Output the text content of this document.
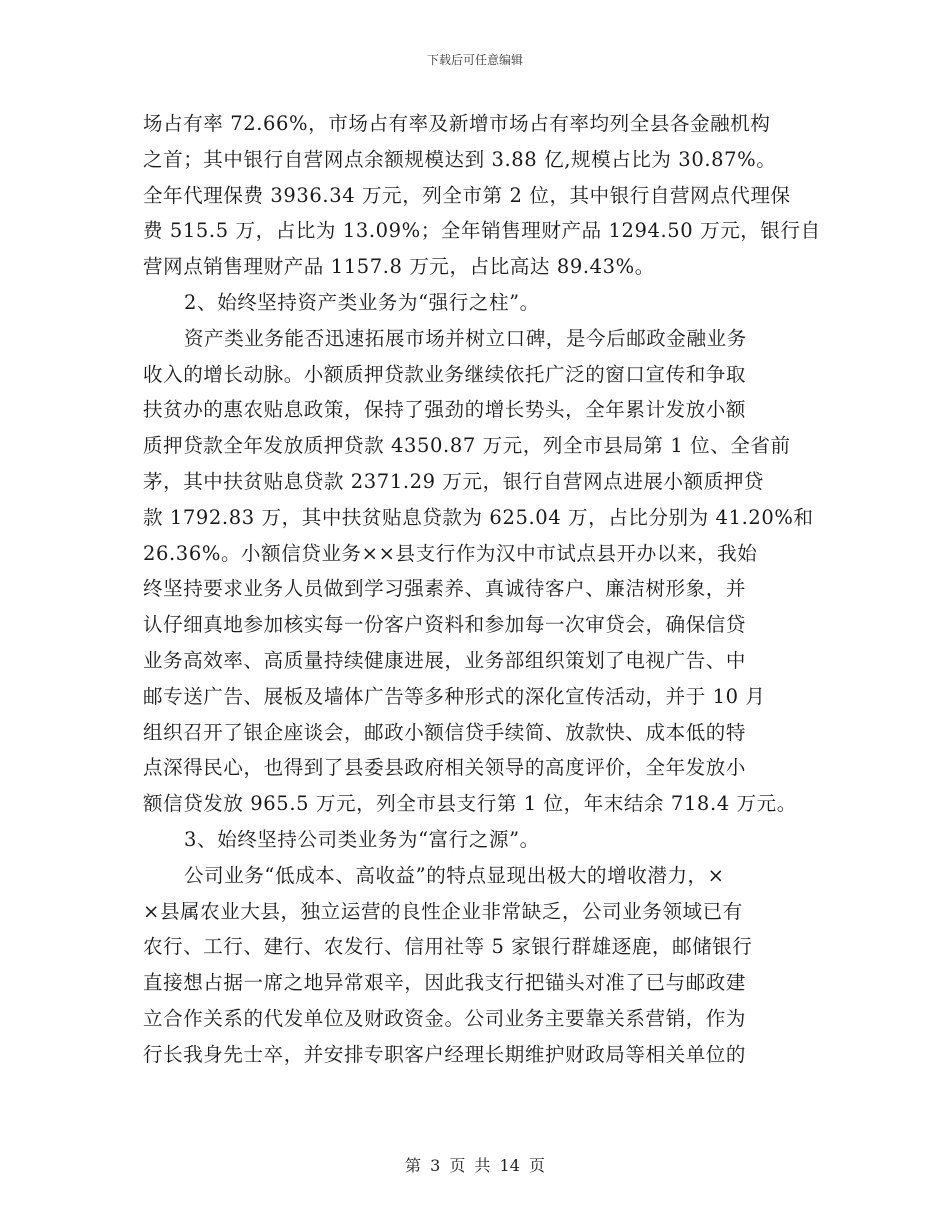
下载后可任意编辑
场占有率 72.66%，市场占有率及新增市场占有率均列全县各金融机构
之首；其中银行自营网点余额规模达到 3.88 亿,规模占比为 30.87%。
全年代理保费 3936.34 万元，列全市第 2 位，其中银行自营网点代理保
费 515.5 万，占比为 13.09%；全年销售理财产品 1294.50 万元，银行自
营网点销售理财产品 1157.8 万元，占比高达 89.43%。
2、始终坚持资产类业务为“强行之柱”。
资产类业务能否迅速拓展市场并树立口碑，是今后邮政金融业务
收入的增长动脉。小额质押贷款业务继续依托广泛的窗口宣传和争取
扶贫办的惠农贴息政策，保持了强劲的增长势头，全年累计发放小额
质押贷款全年发放质押贷款 4350.87 万元，列全市县局第 1 位、全省前
茅，其中扶贫贴息贷款 2371.29 万元，银行自营网点进展小额质押贷
款 1792.83 万，其中扶贫贴息贷款为 625.04 万，占比分别为 41.20%和
26.36%。小额信贷业务××县支行作为汉中市试点县开办以来，我始
终坚持要求业务人员做到学习强素养、真诚待客户、廉洁树形象，并
认仔细真地参加核实每一份客户资料和参加每一次审贷会，确保信贷
业务高效率、高质量持续健康进展，业务部组织策划了电视广告、中
邮专送广告、展板及墙体广告等多种形式的深化宣传活动，并于 10 月
组织召开了银企座谈会，邮政小额信贷手续简、放款快、成本低的特
点深得民心，也得到了县委县政府相关领导的高度评价，全年发放小
额信贷发放 965.5 万元，列全市县支行第 1 位，年末结余 718.4 万元。
3、始终坚持公司类业务为“富行之源”。
公司业务“低成本、高收益”的特点显现出极大的增收潜力，×
×县属农业大县，独立运营的良性企业非常缺乏，公司业务领域已有
农行、工行、建行、农发行、信用社等 5 家银行群雄逐鹿，邮储银行
直接想占据一席之地异常艰辛，因此我支行把锚头对准了已与邮政建
立合作关系的代发单位及财政资金。公司业务主要靠关系营销，作为
行长我身先士卒，并安排专职客户经理长期维护财政局等相关单位的
第 3 页 共 14 页
